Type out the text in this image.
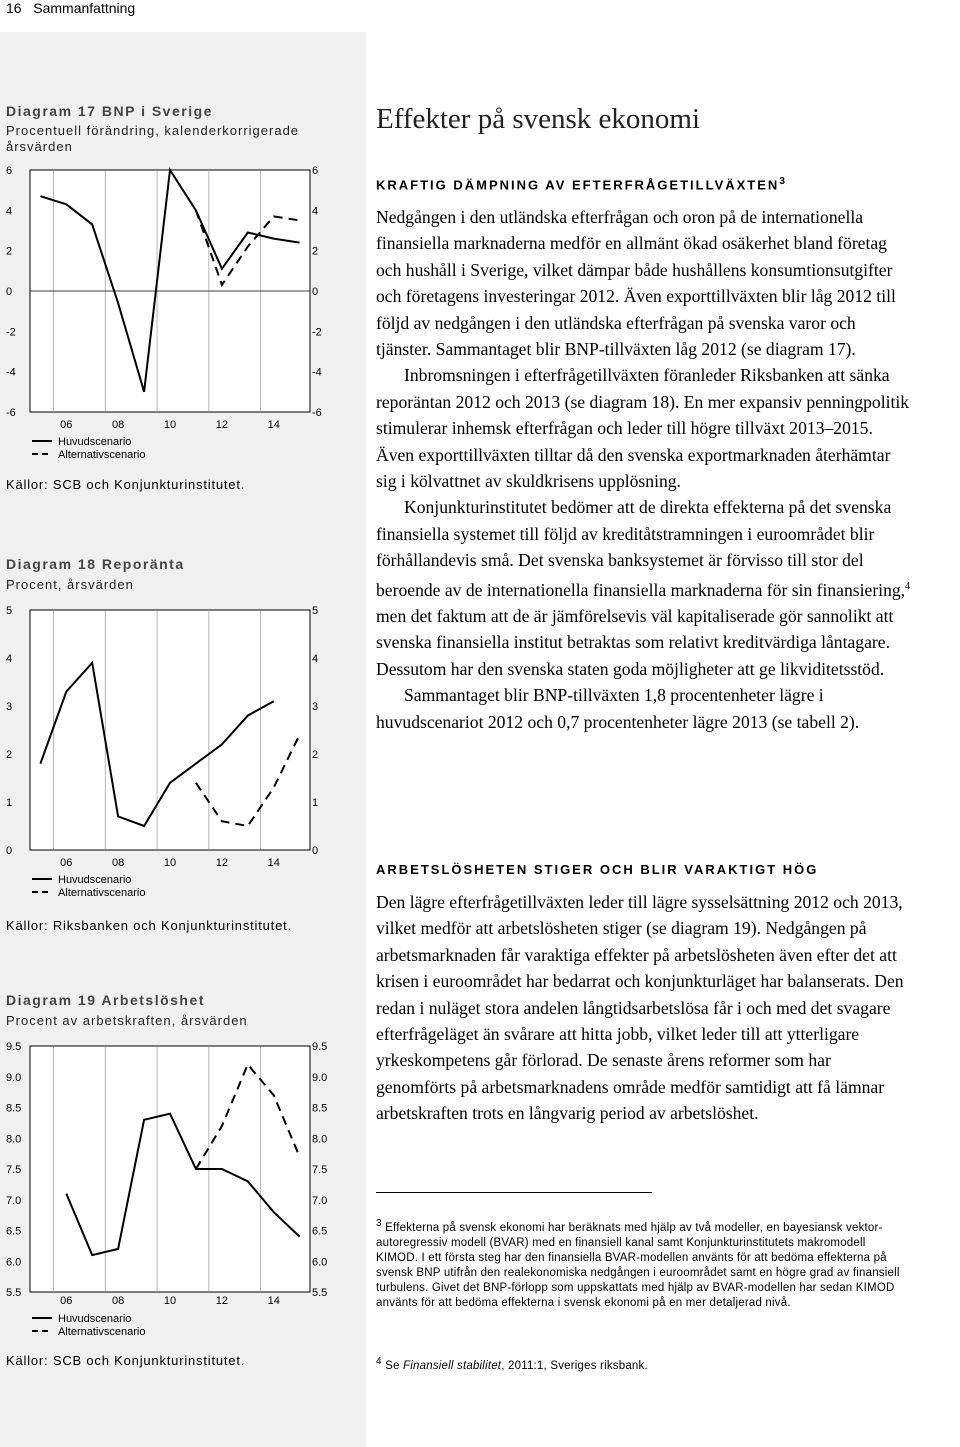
16 Sammanfattning
Diagram 17 BNP i Sverige
Procentuell förändring, kalenderkorrigerade årsvärden
6	6
4	4
2	2
0	0
-2	-2
-4	-4
-6	-6
06	08	10	12	14
Huvudscenario
Alternativscenario
Källor: SCB och Konjunkturinstitutet.
Diagram 18 Reporänta
Procent, årsvärden
5	5
4	4
3	3
2	2
1	1
0	0
06	08	10	12	14
Huvudscenario
Alternativscenario
Källor: Riksbanken och Konjunkturinstitutet.
Diagram 19 Arbetslöshet
Procent av arbetskraften, årsvärden
9.5	9.5
9.0	9.0
8.5	8.5
8.0	8.0
7.5	7.5
7.0	7.0
6.5	6.5
6.0	6.0
5.5	5.5
06	08	10	12	14
Huvudscenario
Alternativscenario
Källor: SCB och Konjunkturinstitutet.
Effekter på svensk ekonomi
KRAFTIG DÄMPNING AV EFTERFRÅGETILLVÄXTEN$^3$

Nedgången i den utländska efterfrågan och oron på de internationella finansiella marknaderna medför en allmänt ökad osäkerhet bland företag och hushåll i Sverige, vilket dämpar både hushållens konsumtionsutgifter och företagens investeringar 2012. Även exporttillväxten blir låg 2012 till följd av nedgången i den utländska efterfrågan på svenska varor och tjänster. Sammantaget blir BNP-tillväxten låg 2012 (se diagram 17).

Inbromsningen i efterfrågetillväxten föranleder Riksbanken att sänka reporäntan 2012 och 2013 (se diagram 18). En mer expansiv penningpolitik stimulerar inhemsk efterfrågan och leder till högre tillväxt 2013–2015. Även exporttillväxten tilltar då den svenska exportmarknaden återhämtar sig i kölvattnet av skuldkrisens upplösning.

Konjunkturinstitutet bedömer att de direkta effekterna på det svenska finansiella systemet till följd av kreditåtstramningen i euroområdet blir förhållandevis små. Det svenska banksystemet är förvisso till stor del beroende av de internationella finansiella marknaderna för sin finansiering,$^4$ men det faktum att de är jämförelsevis väl kapitaliserade gör sannolikt att svenska finansiella institut betraktas som relativt kreditvärdiga låntagare. Dessutom har den svenska staten goda möjligheter att ge likviditetsstöd.

Sammantaget blir BNP-tillväxten 1,8 procentenheter lägre i huvudscenariot 2012 och 0,7 procentenheter lägre 2013 (se tabell 2).

ARBETSLÖSHETEN STIGER OCH BLIR VARAKTIGT HÖG

Den lägre efterfrågetillväxten leder till lägre sysselsättning 2012 och 2013, vilket medför att arbetslösheten stiger (se diagram 19). Nedgången på arbetsmarknaden får varaktiga effekter på arbetslösheten även efter det att krisen i euroområdet har bedarrat och konjunkturläget har balanserats. Den redan i nuläget stora andelen långtidsarbetslösa får i och med det svagare efterfrågeläget än svårare att hitta jobb, vilket leder till att ytterligare yrkeskompetens går förlorad. De senaste årens reformer som har genomförts på arbetsmarknadens område medför samtidigt att få lämnar arbetskraften trots en långvarig period av arbetslöshet.

$^3$ Effekterna på svensk ekonomi har beräknats med hjälp av två modeller, en bayesiansk vektor-autoregressiv modell (BVAR) med en finansiell kanal samt Konjunkturinstitutets makromodell KIMOD. I ett första steg har den finansiella BVAR-modellen använts för att bedöma effekterna på svensk BNP utifrån den realekonomiska nedgången i euroområdet samt en högre grad av finansiell turbulens. Givet det BNP-förlopp som uppskattats med hjälp av BVAR-modellen har sedan KIMOD använts för att bedöma effekterna i svensk ekonomi på en mer detaljerad nivå.
$^4$ Se Finansiell stabilitet, 2011:1, Sveriges riksbank.
